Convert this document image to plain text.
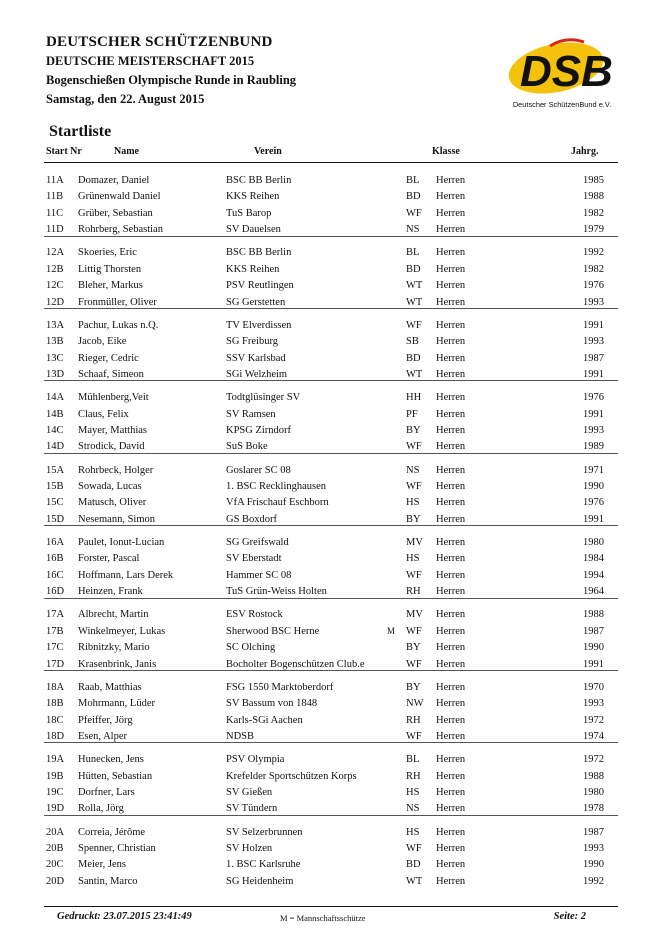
DEUTSCHER SCHÜTZENBUND
DEUTSCHE MEISTERSCHAFT 2015
Bogenschießen Olympische Runde in Raubling
Samstag, den 22. August 2015
DSB
Deutscher SchützenBund e.V.
Startliste
Start Nr	Name	Verein	Klasse	Jahrg.
11A Domazer, Daniel	BSC BB Berlin	BL Herren	1985
11B Grünenwald Daniel	KKS Reihen	BD Herren	1988
11C Grüber, Sebastian	TuS Barop	WF Herren	1982
11D Rohrberg, Sebastian	SV Dauelsen	NS Herren	1979
12A Skoeries, Eric	BSC BB Berlin	BL Herren	1992
12B Littig Thorsten	KKS Reihen	BD Herren	1982
12C Bleher, Markus	PSV Reutlingen	WT Herren	1976
12D Fronmüller, Oliver	SG Gerstetten	WT Herren	1993
13A Pachur, Lukas n.Q.	TV Elverdissen	WF Herren	1991
13B Jacob, Eike	SG Freiburg	SB Herren	1993
13C Rieger, Cedric	SSV Karlsbad	BD Herren	1987
13D Schaaf, Simeon	SGi Welzheim	WT Herren	1991
14A Mühlenberg,Veit	Todtglüsinger SV	HH Herren	1976
14B Claus, Felix	SV Ramsen	PF Herren	1991
14C Mayer, Matthias	KPSG Zirndorf	BY Herren	1993
14D Strodick, David	SuS Boke	WF Herren	1989
15A Rohrbeck, Holger	Goslarer SC 08	NS Herren	1971
15B Sowada, Lucas	1. BSC Recklinghausen	WF Herren	1990
15C Matusch, Oliver	VfA Frischauf Eschborn	HS Herren	1976
15D Nesemann, Simon	GS Boxdorf	BY Herren	1991
16A Paulet, Ionut-Lucian	SG Greifswald	MV Herren	1980
16B Forster, Pascal	SV Eberstadt	HS Herren	1984
16C Hoffmann, Lars Derek	Hammer SC 08	WF Herren	1994
16D Heinzen, Frank	TuS Grün-Weiss Holten	RH Herren	1964
17A Albrecht, Martin	ESV Rostock	MV Herren	1988
17B Winkelmeyer, Lukas	Sherwood BSC Herne	M WF Herren	1987
17C Ribnitzky, Mario	SC Olching	BY Herren	1990
17D Krasenbrink, Janis	Bocholter Bogenschützen Club.e	WF Herren	1991
18A Raab, Matthias	FSG 1550 Marktoberdorf	BY Herren	1970
18B Mohrmann, Lüder	SV Bassum von 1848	NW Herren	1993
18C Pfeiffer, Jörg	Karls-SGi Aachen	RH Herren	1972
18D Esen, Alper	NDSB	WF Herren	1974
19A Hunecken, Jens	PSV Olympia	BL Herren	1972
19B Hütten, Sebastian	Krefelder Sportschützen Korps	RH Herren	1988
19C Dorfner, Lars	SV Gießen	HS Herren	1980
19D Rolla, Jörg	SV Tündern	NS Herren	1978
20A Correia, Jérôme	SV Selzerbrunnen	HS Herren	1987
20B Spenner, Christian	SV Holzen	WF Herren	1993
20C Meier, Jens	1. BSC Karlsruhe	BD Herren	1990
20D Santin, Marco	SG Heidenheim	WT Herren	1992
Gedruckt: 23.07.2015 23:41:49	M = Mannschaftsschütze	Seite: 2
